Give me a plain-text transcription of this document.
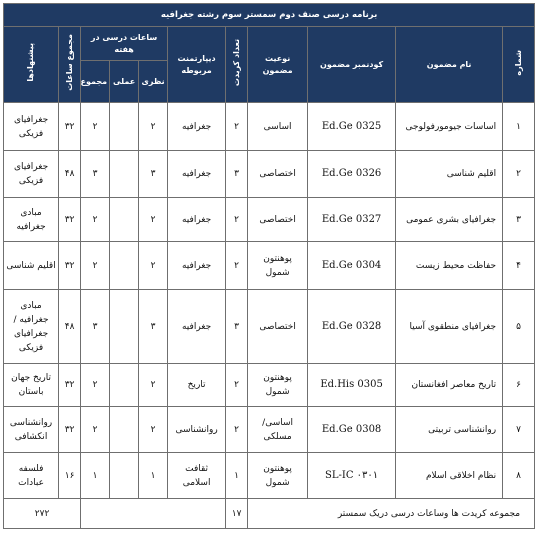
برنامه درسی صنف دوم سمستر سوم رشته جغرافیه										
شماره	نام مضمون	کودنمبر مضمون	نوعیت مضمون	تعداد کریدت	دیپارتمنت مربوطه	ساعات درسی در هفته			مجموع ساعات	پیشنهادها
						نظری	عملی	مجموع		
۱	اساسات جیومورفولوجی	Ed.Ge 0325	اساسی	۲	جغرافیه	۲		۲	۳۲	جغرافیای فزیکی
۲	اقلیم شناسی	Ed.Ge 0326	اختصاصی	۳	جغرافیه	۳		۳	۴۸	جغرافیای فزیکی
۳	جغرافیای بشری عمومی	Ed.Ge 0327	اختصاصی	۲	جغرافیه	۲		۲	۳۲	مبادی جغرافیه
۴	حفاظت محیط زیست	Ed.Ge 0304	پوهنتون شمول	۲	جغرافیه	۲		۲	۳۲	اقلیم شناسی
۵	جغرافیای منطقوی آسیا	Ed.Ge 0328	اختصاصی	۳	جغرافیه	۳		۳	۴۸	مبادی جغرافیه / جغرافیای فزیکی
۶	تاریخ معاصر افغانستان	Ed.His 0305	پوهنتون شمول	۲	تاریخ	۲		۲	۳۲	تاریخ جهان باستان
۷	روانشناسی تربیتی	Ed.Ge 0308	اساسی/ مسلکی	۲	روانشناسی	۲		۲	۳۲	روانشناسی انکشافی
۸	نظام اخلاقی اسلام	SL-IC ۰۳۰۱	پوهنتون شمول	۱	ثقافت اسلامی	۱		۱	۱۶	فلسفه عبادات
مجموعه کریدت ها وساعات درسی دریک سمستر				۱۷					۲۷۲	
